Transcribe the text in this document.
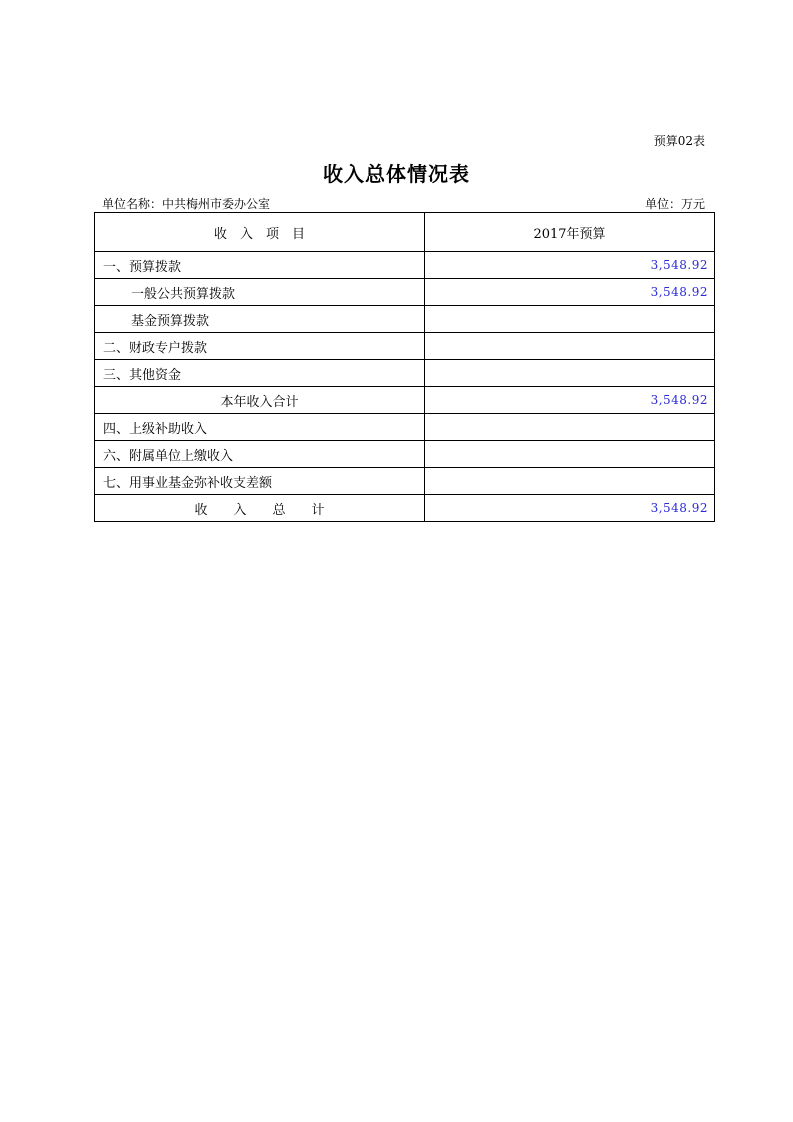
预算02表
收入总体情况表
单位名称：中共梅州市委办公室	单位：万元
收　入　项　目	2017年预算
一、预算拨款	3,548.92
一般公共预算拨款	3,548.92
基金预算拨款	
二、财政专户拨款	
三、其他资金	
本年收入合计	3,548.92
四、上级补助收入	
六、附属单位上缴收入	
七、用事业基金弥补收支差额	
收　　入　　总　　计	3,548.92
